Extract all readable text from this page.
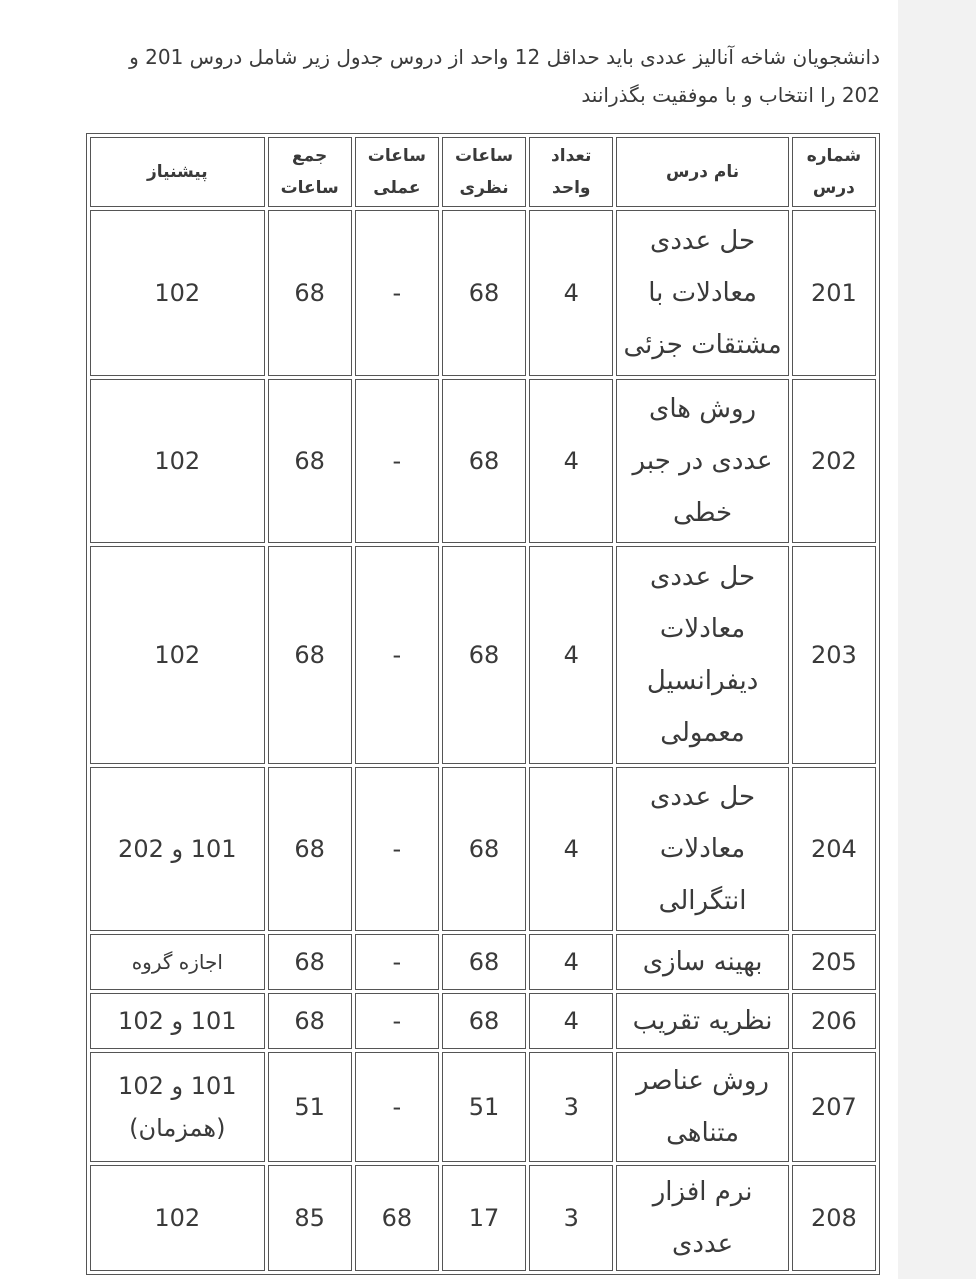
دانشجویان شاخه آنالیز عددی باید حداقل 12 واحد از دروس جدول زیر شامل دروس 201 و 202 را انتخاب و با موفقیت بگذرانند

شماره درس	نام درس	تعداد واحد	ساعات نظری	ساعات عملی	جمع ساعات	پیشنیاز
201	حل عددی معادلات با مشتقات جزئی	4	68	-	68	102
202	روش های عددی در جبر خطی	4	68	-	68	102
203	حل عددی معادلات دیفرانسیل معمولی	4	68	-	68	102
204	حل عددی معادلات انتگرالی	4	68	-	68	101 و 202
205	بهینه سازی	4	68	-	68	اجازه گروه
206	نظریه تقریب	4	68	-	68	101 و 102
207	روش عناصر متناهی	3	51	-	51	101 و 102 (همزمان)
208	نرم افزار عددی	3	17	68	85	102
